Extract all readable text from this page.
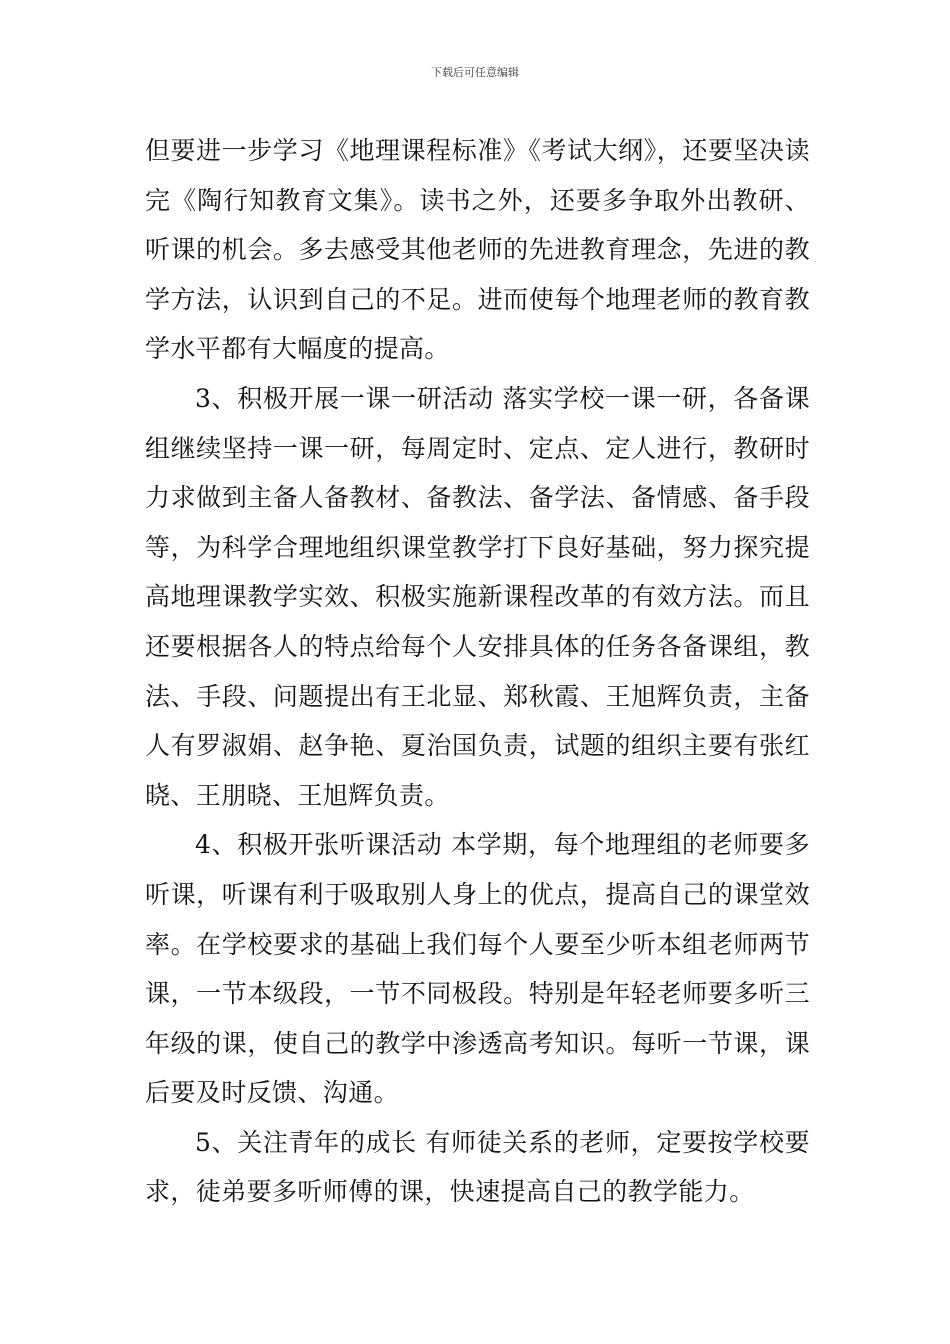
下载后可任意编辑

但要进一步学习《地理课程标准》《考试大纲》，还要坚决读完《陶行知教育文集》。读书之外，还要多争取外出教研、听课的机会。多去感受其他老师的先进教育理念，先进的教学方法，认识到自己的不足。进而使每个地理老师的教育教学水平都有大幅度的提高。

3、积极开展一课一研活动 落实学校一课一研，各备课组继续坚持一课一研，每周定时、定点、定人进行，教研时力求做到主备人备教材、备教法、备学法、备情感、备手段等，为科学合理地组织课堂教学打下良好基础，努力探究提高地理课教学实效、积极实施新课程改革的有效方法。而且还要根据各人的特点给每个人安排具体的任务各备课组，教法、手段、问题提出有王北显、郑秋霞、王旭辉负责，主备人有罗淑娟、赵争艳、夏治国负责，试题的组织主要有张红晓、王朋晓、王旭辉负责。

4、积极开张听课活动 本学期，每个地理组的老师要多听课，听课有利于吸取别人身上的优点，提高自己的课堂效率。在学校要求的基础上我们每个人要至少听本组老师两节课，一节本级段，一节不同极段。特别是年轻老师要多听三年级的课，使自己的教学中渗透高考知识。每听一节课，课后要及时反馈、沟通。

5、关注青年的成长 有师徒关系的老师，定要按学校要求，徒弟要多听师傅的课，快速提高自己的教学能力。
